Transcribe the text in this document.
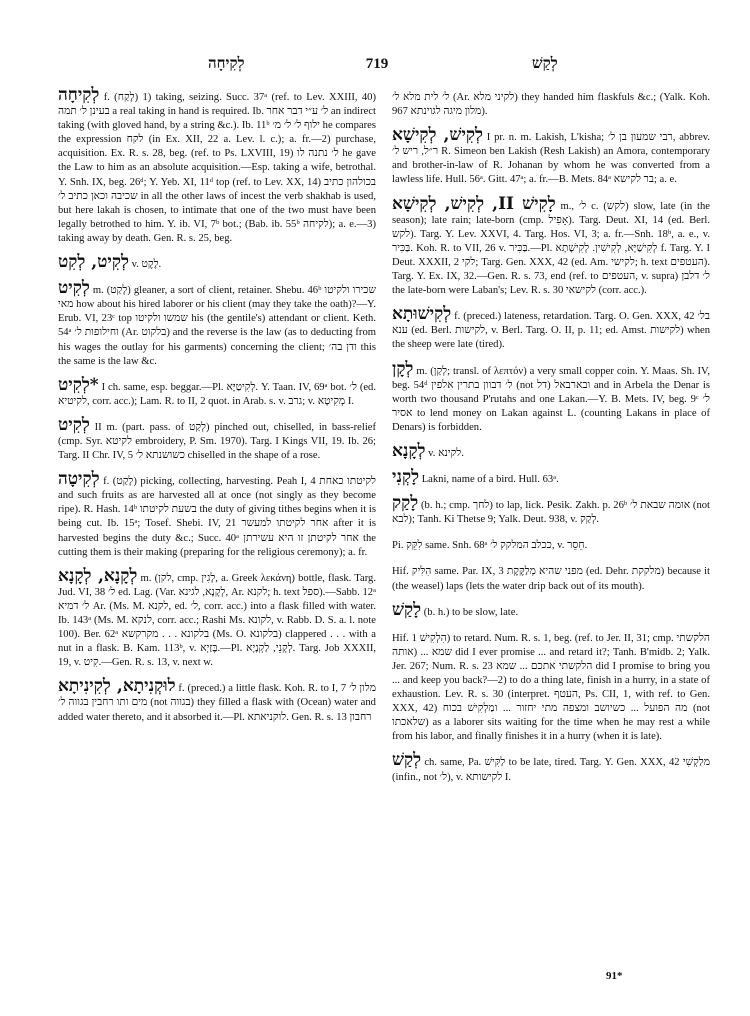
לְקִיחָה	719	לְקַשׁ

לְקִיחָה f. (לָקַח) 1) taking, seizing. Succ. 37ᵃ (ref. to Lev. XXIII, 40) בעינן ל׳ תמה a real taking in hand is required. Ib. ל׳ ע״י דבר אחר an indirect taking (with gloved hand, by a string &c.). Ib. 11ᵇ ילוף ל׳ ל׳ מ׳ he compares the expression לקח (in Ex. XII, 22 a. Lev. l. c.); a. fr.—2) purchase, acquisition. Ex. R. s. 28, beg. (ref. to Ps. LXVIII, 19) ל׳ נתנה לו he gave the Law to him as an absolute acquisition.—Esp. taking a wife, betrothal. Y. Snh. IX, beg. 26ᵈ; Y. Yeb. XI, 11ᵈ top (ref. to Lev. XX, 14) בכולהון כתיב שכיבה וכאן כתיב ל׳ in all the other laws of incest the verb shakhab is used, but here lakah is chosen, to intimate that one of the two must have been legally betrothed to him. Y. ib. VI, 7ᵇ bot.; (Bab. ib. 55ᵇ לקיחה); a. e.—3) taking away by death. Gen. R. s. 25, beg.

לְקִיט, לְקִט v. לֶקֶט.

לְקִיט m. (לָקַט) gleaner, a sort of client, retainer. Shebu. 46ᵇ שכירו ולקיטו מאי how about his hired laborer or his client (may they take the oath)?—Y. Erub. VI, 23ᶜ top שמשו ולקיטו his (the gentile's) attendant or client. Keth. 54ᵃ וחילופות ל׳ (Ar. בלקוט) and the reverse is the law (as to deducting from his wages the outlay for his garments) concerning the client; ודן בה׳ this the same is the law &c.

*לְקִיט I ch. same, esp. beggar.—Pl. לְקִיטַיָּא. Y. Taan. IV, 69ᵃ bot. ל׳ (ed. לקיטיא, corr. acc.); Lam. R. to II, 2 quot. in Arab. s. v. גרב; v. מְקִיטָא I.

לְקִיט II m. (part. pass. of לְקַט) pinched out, chiselled, in bass-relief (cmp. Syr. לקיטא embroidery, P. Sm. 1970). Targ. I Kings VII, 19. Ib. 26; Targ. II Chr. IV, 5 כשושנתא ל׳ chiselled in the shape of a rose.

לְקִיטָה f. (לָקַט) picking, collecting, harvesting. Peah I, 4 לקיטתו כאחת and such fruits as are harvested all at once (not singly as they become ripe). R. Hash. 14ᵇ בשעת לקיטתו the duty of giving tithes begins when it is being cut. Ib. 15ᵃ; Tosef. Shebi. IV, 21 אחר לקיטתו למעשר after it is harvested begins the duty &c.; Succ. 40ᵃ אחר לקיטתן זו היא עשירתן the cutting them is their making (preparing for the religious ceremony); a. fr.

לְקָנָא, לְקָנָא m. (לקן, cmp. לָגִין, a. Greek λεκάνη) bottle, flask. Targ. Jud. VI, 38 ל׳ ed. Lag. (Var. לְקָנָא, לגינא, Ar. לקנא; h. text ספל).—Sabb. 12ᵃ ל׳ דמיא Ar. (Ms. M. לקנא, ed. ל׳, corr. acc.) into a flask filled with water. Ib. 143ᵃ (Ms. M. לנקא, corr. acc.; Rashi Ms. לקונא, v. Rabb. D. S. a. l. note 100). Ber. 62ᵃ בלקונא . . . מקרקשא (Ms. O. בלקונא) clappered . . . with a nut in a flask. B. Kam. 113ᵇ, v. בֶּזַיְא.—Pl. לְקָנֵי, לַקְנָיָא. Targ. Job XXXII, 19, v. קִיט.—Gen. R. s. 13, v. next w.

לוּקְנִיתָא, לְקִינִיתָא f. (preced.) a little flask. Koh. R. to I, 7 מלון ל׳ מים ותו רחבין בגווה ל׳ (not בגווה) they filled a flask with (Ocean) water and added water thereto, and it absorbed it.—Pl. לוקניאתא. Gen. R. s. 13 רחבון

ל׳ לית מלא ל׳ (Ar. לקיני מלא) they handed him flaskfuls &c.; (Yalk. Koh. 967 מלון מיגה לגוינתא).

לְקִישׁ, לְקִישָׁא I pr. n. m. Lakish, L'kisha; רבי שמעון בן ל׳, abbrev. ר״ל, ריש ל׳ R. Simeon ben Lakish (Resh Lakish) an Amora, contemporary and brother-in-law of R. Johanan by whom he was converted from a lawless life. Hull. 56ᵃ. Gitt. 47ᵃ; a. fr.—B. Mets. 84ᵃ בר לקישא; a. e.

לָקִישׁ II, לְקִישׁ, לְקִישָׁא m., ל׳ c. (לקש) slow, late (in the season); late rain; late-born (cmp. אָפִיל). Targ. Deut. XI, 14 (ed. Berl. לקש). Targ. Y. Lev. XXVI, 4. Targ. Hos. VI, 3; a. fr.—Snh. 18ᵇ, a. e., v. בַּכִּיר. Koh. R. to VII, 26 v. בַּכִּיר.—Pl. לְקִישַׁיָּא, לְקִישִׁין. לְקִישָׁתָא f. Targ. Y. I Deut. XXXII, 2 לקי; Targ. Gen. XXX, 42 (ed. Am. לקישי; h. text העטפים). Targ. Y. Ex. IX, 32.—Gen. R. s. 73, end (ref. to העטפים, v. supra) ל׳ דלבן the late-born were Laban's; Lev. R. s. 30 לקישאי (corr. acc.).

לְקִישׁוּתָא f. (preced.) lateness, retardation. Targ. O. Gen. XXX, 42 בל׳ ענא (ed. Berl. לקישות, v. Berl. Targ. O. II, p. 11; ed. Amst. לקישות) when the sheep were late (tired).

לְקָן m. (לְקַן; transl. of λεπτόν) a very small copper coin. Y. Maas. Sh. IV, beg. 54ᵈ ל׳ דבוון בתרין אלפין (not דל) ובארבאל and in Arbela the Denar is worth two thousand P'rutahs and one Lakan.—Y. B. Mets. IV, beg. 9ᶜ ל׳ אסיר to lend money on Lakan against L. (counting Lakans in place of Denars) is forbidden.

לְקָנָא v. לקינא.

לָקְנִי Lakni, name of a bird. Hull. 63ᵃ.

לָקַק (b. h.; cmp. לחך) to lap, lick. Pesik. Zakh. p. 26ᵇ אומה שבאת ל׳ (not לבא); Tanh. Ki Thetse 9; Yalk. Deut. 938, v. לְקַק.

Pi. לִקֵּק same. Snh. 68ᵃ ככלב המלקק ל׳, v. חֵסֵר.

Hif. הִלִּיק same. Par. IX, 3 מפני שהיא מְלַקֶּקֶת (ed. Dehr. מלקקת) because it (the weasel) laps (lets the water drip back out of its mouth).

לָקַשׁ (b. h.) to be slow, late.

Hif. הִלְקִישׁ 1) to retard. Num. R. s. 1, beg. (ref. to Jer. II, 31; cmp. הלקשתי אותה) ... שמא did I ever promise ... and retard it?; Tanh. B'midb. 2; Yalk. Jer. 267; Num. R. s. 23 הלקשתי אתכם ... שמא did I promise to bring you ... and keep you back?—2) to do a thing late, finish in a hurry, in a state of exhaustion. Lev. R. s. 30 (interpret. העטף, Ps. CII, 1, with ref. to Gen. XXX, 42) מה הפועל ... כשיושב ומצפה מתי יחזור ... ומַלְקִישׁ בכוח (not שלאכתו) as a laborer sits waiting for the time when he may rest a while from his labor, and finally finishes it in a hurry (when it is late).

לְקַשׁ ch. same, Pa. לַקִּישׁ to be late, tired. Targ. Y. Gen. XXX, 42 מלַקְשִׁי (infin., not ל׳), v. לקישותא I.

91*
